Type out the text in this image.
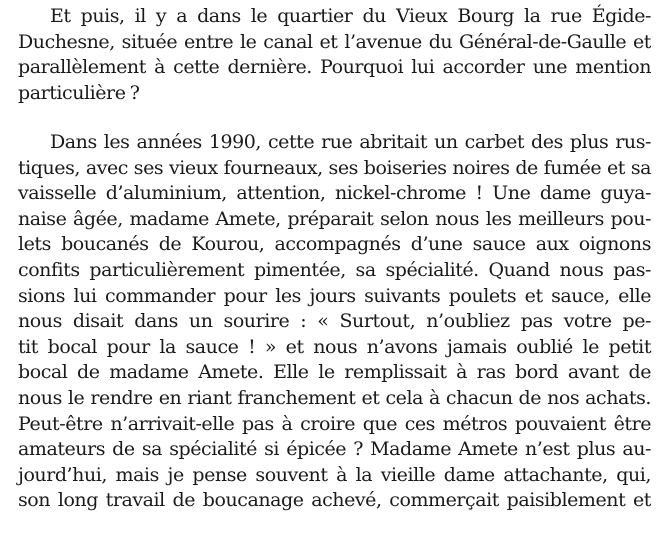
Et puis, il y a dans le quartier du Vieux Bourg la rue Égide-
Duchesne, située entre le canal et l’avenue du Général-de-Gaulle et
parallèlement à cette dernière. Pourquoi lui accorder une mention
particulière ?
Dans les années 1990, cette rue abritait un carbet des plus rus-
tiques, avec ses vieux fourneaux, ses boiseries noires de fumée et sa
vaisselle d’aluminium, attention, nickel-chrome ! Une dame guya-
naise âgée, madame Amete, préparait selon nous les meilleurs pou-
lets boucanés de Kourou, accompagnés d’une sauce aux oignons
confits particulièrement pimentée, sa spécialité. Quand nous pas-
sions lui commander pour les jours suivants poulets et sauce, elle
nous disait dans un sourire : « Surtout, n’oubliez pas votre pe-
tit bocal pour la sauce ! » et nous n’avons jamais oublié le petit
bocal de madame Amete. Elle le remplissait à ras bord avant de
nous le rendre en riant franchement et cela à chacun de nos achats.
Peut-être n’arrivait-elle pas à croire que ces métros pouvaient être
amateurs de sa spécialité si épicée ? Madame Amete n’est plus au-
jourd’hui, mais je pense souvent à la vieille dame attachante, qui,
son long travail de boucanage achevé, commerçait paisiblement et
